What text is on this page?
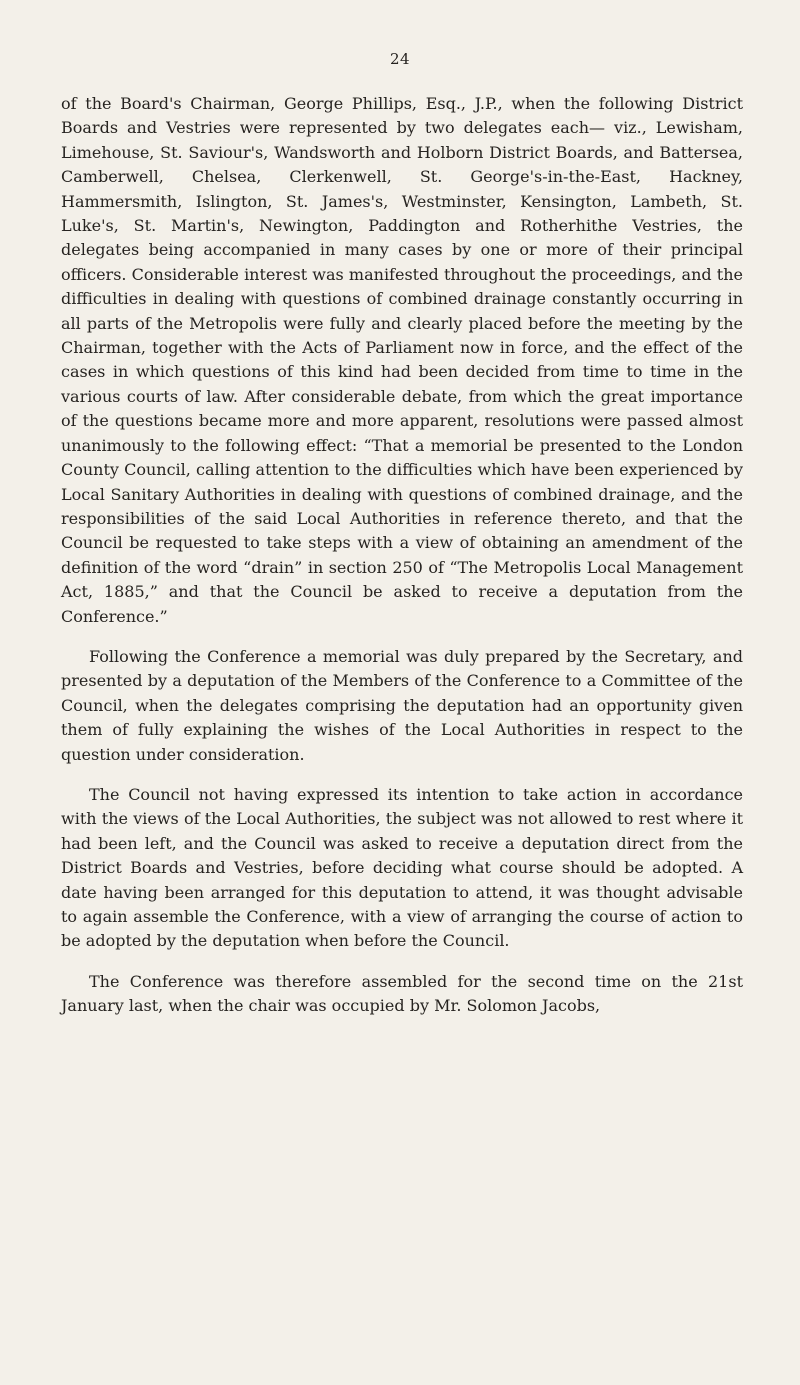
24

of the Board's Chairman, George Phillips, Esq., J.P., when the following District Boards and Vestries were represented by two delegates each— viz., Lewisham, Limehouse, St. Saviour's, Wandsworth and Holborn District Boards, and Battersea, Camberwell, Chelsea, Clerkenwell, St. George's-in-the-East, Hackney, Hammersmith, Islington, St. James's, Westminster, Kensington, Lambeth, St. Luke's, St. Martin's, Newington, Paddington and Rotherhithe Vestries, the delegates being accompanied in many cases by one or more of their principal officers. Considerable interest was manifested throughout the proceedings, and the difficulties in dealing with questions of combined drainage constantly occurring in all parts of the Metropolis were fully and clearly placed before the meeting by the Chairman, together with the Acts of Parliament now in force, and the effect of the cases in which questions of this kind had been decided from time to time in the various courts of law. After considerable debate, from which the great importance of the questions became more and more apparent, resolutions were passed almost unanimously to the following effect: “That a memorial be presented to the London County Council, calling attention to the difficulties which have been experienced by Local Sanitary Authorities in dealing with questions of combined drainage, and the responsibilities of the said Local Authorities in reference thereto, and that the Council be requested to take steps with a view of obtaining an amendment of the definition of the word “drain” in section 250 of “The Metropolis Local Management Act, 1885,” and that the Council be asked to receive a deputation from the Conference.”

Following the Conference a memorial was duly prepared by the Secretary, and presented by a deputation of the Members of the Conference to a Committee of the Council, when the delegates comprising the deputation had an opportunity given them of fully explaining the wishes of the Local Authorities in respect to the question under consideration.

The Council not having expressed its intention to take action in accordance with the views of the Local Authorities, the subject was not allowed to rest where it had been left, and the Council was asked to receive a deputation direct from the District Boards and Vestries, before deciding what course should be adopted. A date having been arranged for this deputation to attend, it was thought advisable to again assemble the Conference, with a view of arranging the course of action to be adopted by the deputation when before the Council.

The Conference was therefore assembled for the second time on the 21st January last, when the chair was occupied by Mr. Solomon Jacobs,
